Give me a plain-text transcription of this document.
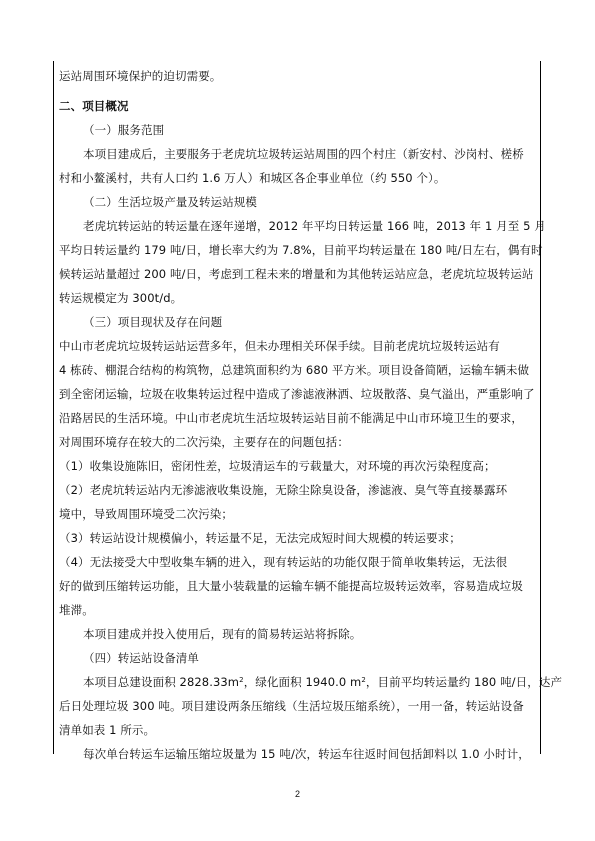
运站周围环境保护的迫切需要。
二、项目概况
（一）服务范围
本项目建成后，主要服务于老虎坑垃圾转运站周围的四个村庄（新安村、沙岗村、槎桥
村和小鳌溪村，共有人口约 1.6 万人）和城区各企事业单位（约 550 个）。
（二）生活垃圾产量及转运站规模
老虎坑转运站的转运量在逐年递增，2012 年平均日转运量 166 吨，2013 年 1 月至 5 月
平均日转运量约 179 吨/日，增长率大约为 7.8%，目前平均转运量在 180 吨/日左右，偶有时
候转运站量超过 200 吨/日，考虑到工程未来的增量和为其他转运站应急，老虎坑垃圾转运站
转运规模定为 300t/d。
（三）项目现状及存在问题
中山市老虎坑垃圾转运站运营多年，但未办理相关环保手续。目前老虎坑垃圾转运站有
4 栋砖、棚混合结构的构筑物，总建筑面积约为 680 平方米。项目设备简陋，运输车辆未做
到全密闭运输，垃圾在收集转运过程中造成了渗滤液淋洒、垃圾散落、臭气溢出，严重影响了
沿路居民的生活环境。中山市老虎坑生活垃圾转运站目前不能满足中山市环境卫生的要求，
对周围环境存在较大的二次污染，主要存在的问题包括：
（1）收集设施陈旧，密闭性差，垃圾清运车的亏载量大，对环境的再次污染程度高；
（2）老虎坑转运站内无渗滤液收集设施，无除尘除臭设备，渗滤液、臭气等直接暴露环
境中，导致周围环境受二次污染；
（3）转运站设计规模偏小，转运量不足，无法完成短时间大规模的转运要求；
（4）无法接受大中型收集车辆的进入，现有转运站的功能仅限于简单收集转运，无法很
好的做到压缩转运功能，且大量小装载量的运输车辆不能提高垃圾转运效率，容易造成垃圾
堆滞。
本项目建成并投入使用后，现有的简易转运站将拆除。
（四）转运站设备清单
本项目总建设面积 $2828.33m^2$，绿化面积 1940.0 $m^2$，目前平均转运量约 180 吨/日，达产
后日处理垃圾 300 吨。项目建设两条压缩线（生活垃圾压缩系统），一用一备，转运站设备
清单如表 1 所示。
每次单台转运车运输压缩垃圾量为 15 吨/次，转运车往返时间包括卸料以 1.0 小时计，
2
